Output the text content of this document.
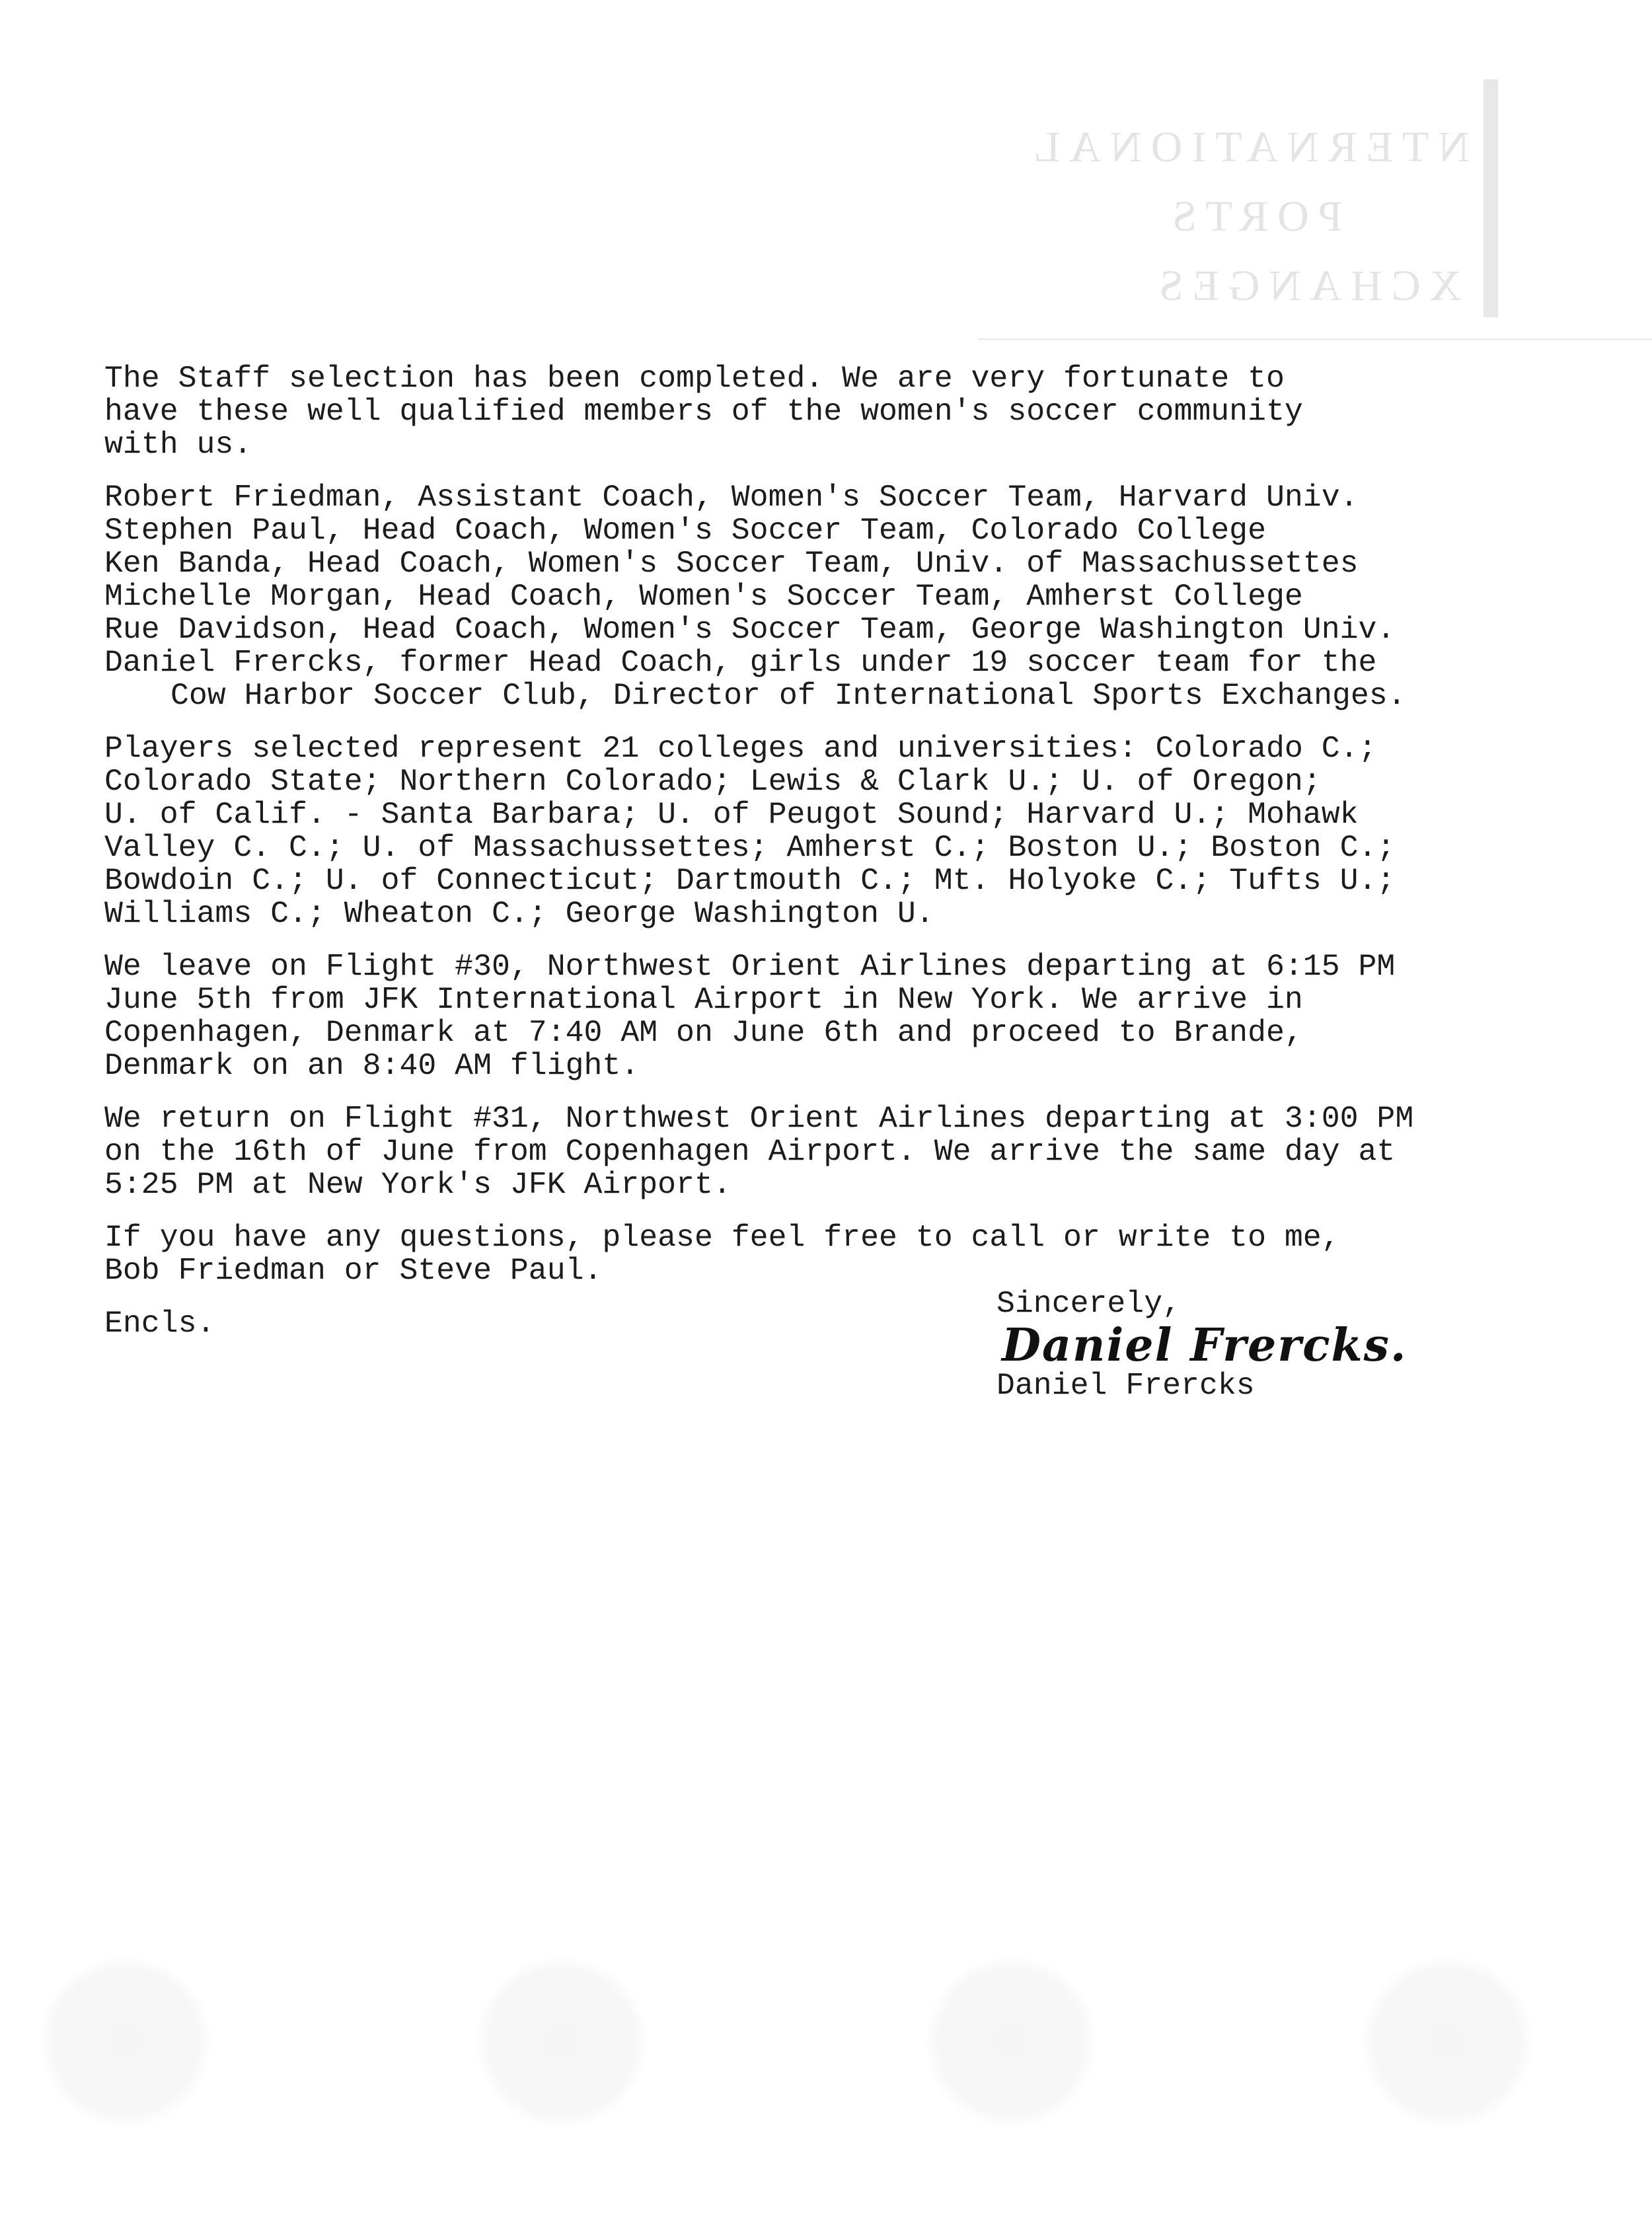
NTERNATIONAL
PORTS
XCHANGES
The Staff selection has been completed. We are very fortunate to
have these well qualified members of the women's soccer community
with us.
Robert Friedman, Assistant Coach, Women's Soccer Team, Harvard Univ.
Stephen Paul, Head Coach, Women's Soccer Team, Colorado College
Ken Banda, Head Coach, Women's Soccer Team, Univ. of Massachussettes
Michelle Morgan, Head Coach, Women's Soccer Team, Amherst College
Rue Davidson, Head Coach, Women's Soccer Team, George Washington Univ.
Daniel Frercks, former Head Coach, girls under 19 soccer team for the
Cow Harbor Soccer Club, Director of International Sports Exchanges.
Players selected represent 21 colleges and universities: Colorado C.;
Colorado State; Northern Colorado; Lewis & Clark U.; U. of Oregon;
U. of Calif. - Santa Barbara; U. of Peugot Sound; Harvard U.; Mohawk
Valley C. C.; U. of Massachussettes; Amherst C.; Boston U.; Boston C.;
Bowdoin C.; U. of Connecticut; Dartmouth C.; Mt. Holyoke C.; Tufts U.;
Williams C.; Wheaton C.; George Washington U.
We leave on Flight #30, Northwest Orient Airlines departing at 6:15 PM
June 5th from JFK International Airport in New York. We arrive in
Copenhagen, Denmark at 7:40 AM on June 6th and proceed to Brande,
Denmark on an 8:40 AM flight.
We return on Flight #31, Northwest Orient Airlines departing at 3:00 PM
on the 16th of June from Copenhagen Airport. We arrive the same day at
5:25 PM at New York's JFK Airport.
If you have any questions, please feel free to call or write to me,
Bob Friedman or Steve Paul.
Encls.
Sincerely,
Daniel Frercks.
Daniel Frercks
